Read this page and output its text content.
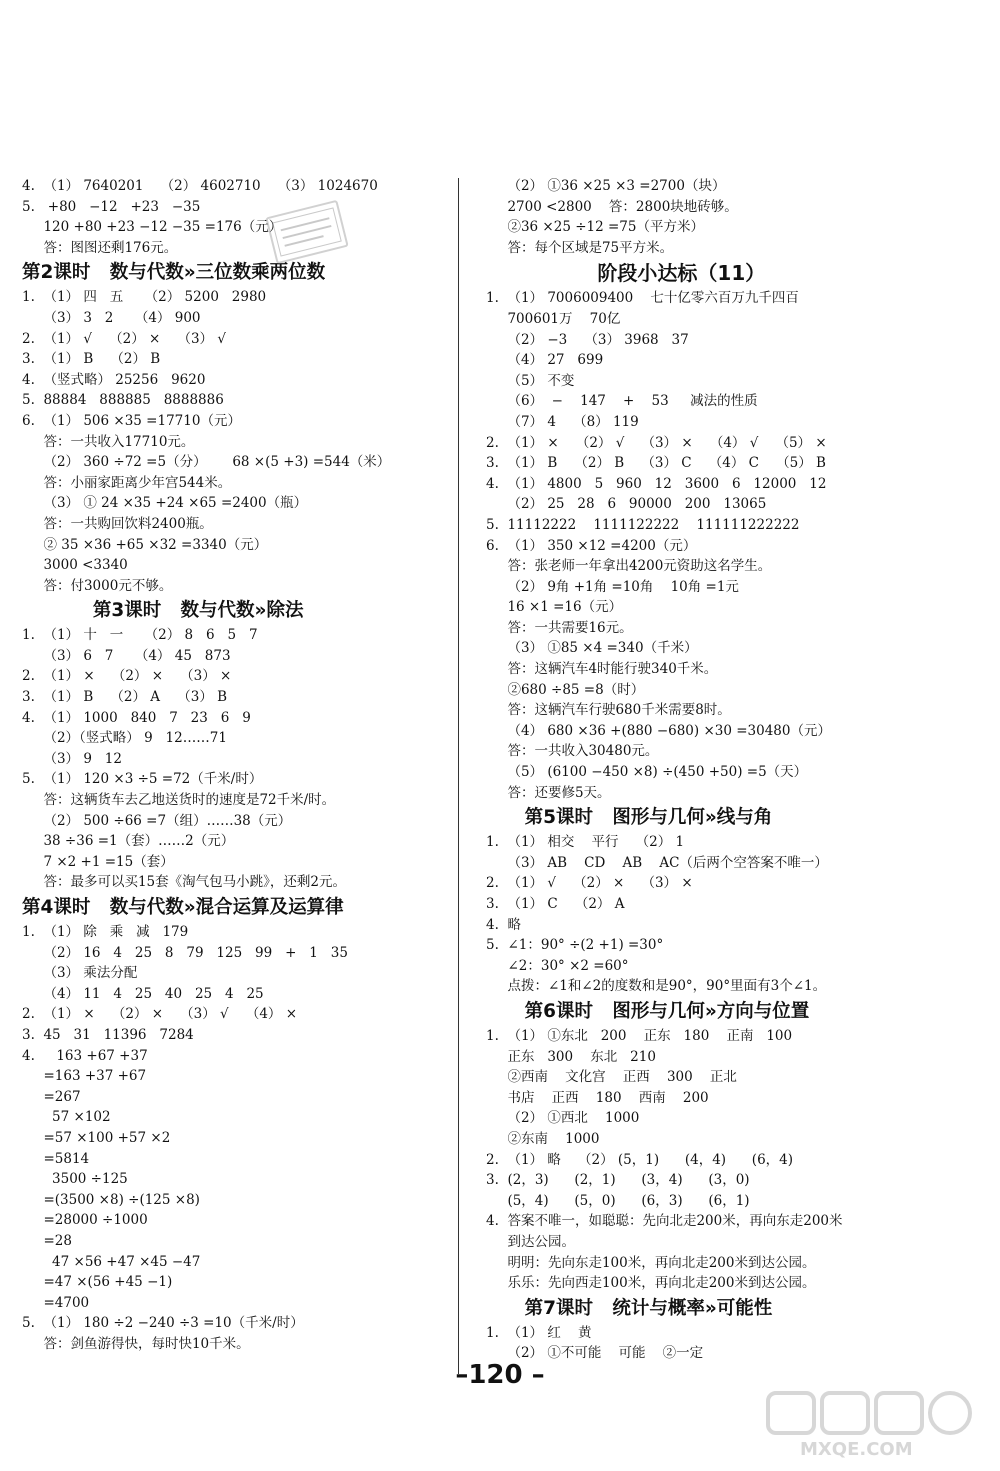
4.  （1） 7640201    （2） 4602710    （3） 1024670
5.   +80   −12   +23   −35
120 +80 +23 −12 −35 =176（元）
答：图图还剩176元。
第2课时   数与代数»三位数乘两位数
1.  （1） 四   五     （2） 5200   2980
（3） 3   2     （4） 900
2.  （1） √    （2） ×    （3） √
3.  （1） B    （2） B
4.  （竖式略） 25256   9620
5.  88884   888885   8888886
6.  （1） 506 ×35 =17710（元）
答：一共收入17710元。
（2） 360 ÷72 =5（分）      68 ×(5 +3) =544（米）
答：小丽家距离少年宫544米。
（3） ① 24 ×35 +24 ×65 =2400（瓶）
答：一共购回饮料2400瓶。
② 35 ×36 +65 ×32 =3340（元）
3000 <3340
答：付3000元不够。
第3课时   数与代数»除法
1.  （1） 十   一     （2） 8   6   5   7
（3） 6   7     （4） 45   873
2.  （1） ×    （2） ×    （3） ×
3.  （1） B    （2） A    （3） B
4.  （1） 1000   840   7   23   6   9
（2）（竖式略） 9   12……71
（3） 9   12
5.  （1） 120 ×3 ÷5 =72（千米/时）
答：这辆货车去乙地送货时的速度是72千米/时。
（2） 500 ÷66 =7（组）……38（元）
38 ÷36 =1（套）……2（元）
7 ×2 +1 =15（套）
答：最多可以买15套《淘气包马小跳》，还剩2元。
第4课时   数与代数»混合运算及运算律
1.  （1） 除   乘   减   179
（2） 16   4   25   8   79   125   99   +   1   35
（3） 乘法分配
（4） 11   4   25   40   25   4   25
2.  （1） ×    （2） ×    （3） √    （4） ×
3.  45   31   11396   7284
4.     163 +67 +37
=163 +37 +67
=267
57 ×102
=57 ×100 +57 ×2
=5814
3500 ÷125
=(3500 ×8) ÷(125 ×8)
=28000 ÷1000
=28
47 ×56 +47 ×45 −47
=47 ×(56 +45 −1)
=4700
5.  （1） 180 ÷2 −240 ÷3 =10（千米/时）
答：剑鱼游得快，每时快10千米。
（2） ①36 ×25 ×3 =2700（块）
2700 <2800    答：2800块地砖够。
②36 ×25 ÷12 =75（平方米）
答：每个区域是75平方米。
阶段小达标（11）
1.  （1） 7006009400    七十亿零六百万九千四百
700601万    70亿
（2） −3    （3） 3968   37
（4） 27   699
（5） 不变
（6）  −    147    +    53     减法的性质
（7） 4    （8） 119
2.  （1） ×    （2） √    （3） ×    （4） √    （5） ×
3.  （1） B    （2） B    （3） C    （4） C    （5） B
4.  （1） 4800   5   960   12   3600   6   12000   12
（2） 25   28   6   90000   200   13065
5.  11112222    1111122222    111111222222
6.  （1） 350 ×12 =4200（元）
答：张老师一年拿出4200元资助这名学生。
（2） 9角 +1角 =10角    10角 =1元
16 ×1 =16（元）
答：一共需要16元。
（3） ①85 ×4 =340（千米）
答：这辆汽车4时能行驶340千米。
②680 ÷85 =8（时）
答：这辆汽车行驶680千米需要8时。
（4） 680 ×36 +(880 −680) ×30 =30480（元）
答：一共收入30480元。
（5） (6100 −450 ×8) ÷(450 +50) =5（天）
答：还要修5天。
第5课时   图形与几何»线与角
1.  （1） 相交    平行    （2） 1
（3） AB    CD    AB    AC（后两个空答案不唯一）
2.  （1） √    （2） ×    （3） ×
3.  （1） C    （2） A
4.  略
5.  ∠1：90° ÷(2 +1) =30°
∠2：30° ×2 =60°
点拨：∠1和∠2的度数和是90°，90°里面有3个∠1。
第6课时   图形与几何»方向与位置
1.  （1） ①东北   200    正东   180    正南   100
正东   300    东北   210
②西南    文化宫    正西    300    正北
书店    正西    180    西南    200
（2） ①西北    1000
②东南    1000
2.  （1） 略    （2） (5，1)      (4，4)      (6，4)
3.  (2，3)      (2，1)      (3，4)      (3，0)
(5，4)      (5，0)      (6，3)      (6，1)
4.  答案不唯一，如聪聪：先向北走200米，再向东走200米
到达公园。
明明：先向东走100米，再向北走200米到达公园。
乐乐：先向西走100米，再向北走200米到达公园。
第7课时   统计与概率»可能性
1.  （1） 红    黄
（2） ①不可能    可能    ②一定
–120 –
MXQE.COM
